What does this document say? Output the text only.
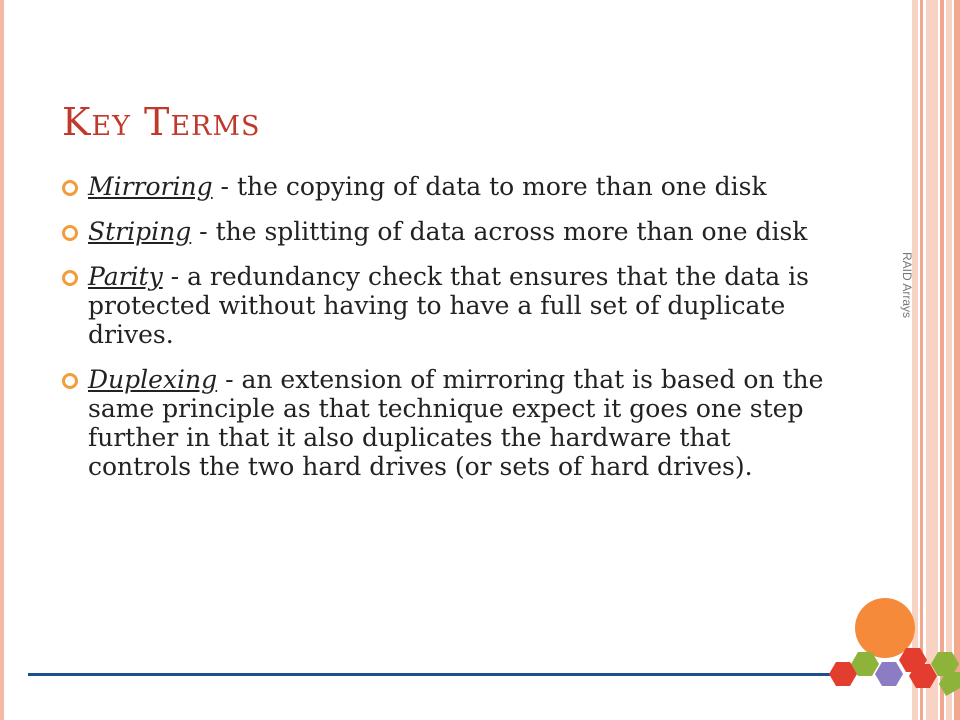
Key Terms
Mirroring - the copying of data to more than one disk
Striping - the splitting of data across more than one disk
Parity - a redundancy check that ensures that the data is protected without having to have a full set of duplicate drives.
Duplexing - an extension of mirroring that is based on the same principle as that technique expect it goes one step further in that it also duplicates the hardware that controls the two hard drives (or sets of hard drives).
RAID Arrays
